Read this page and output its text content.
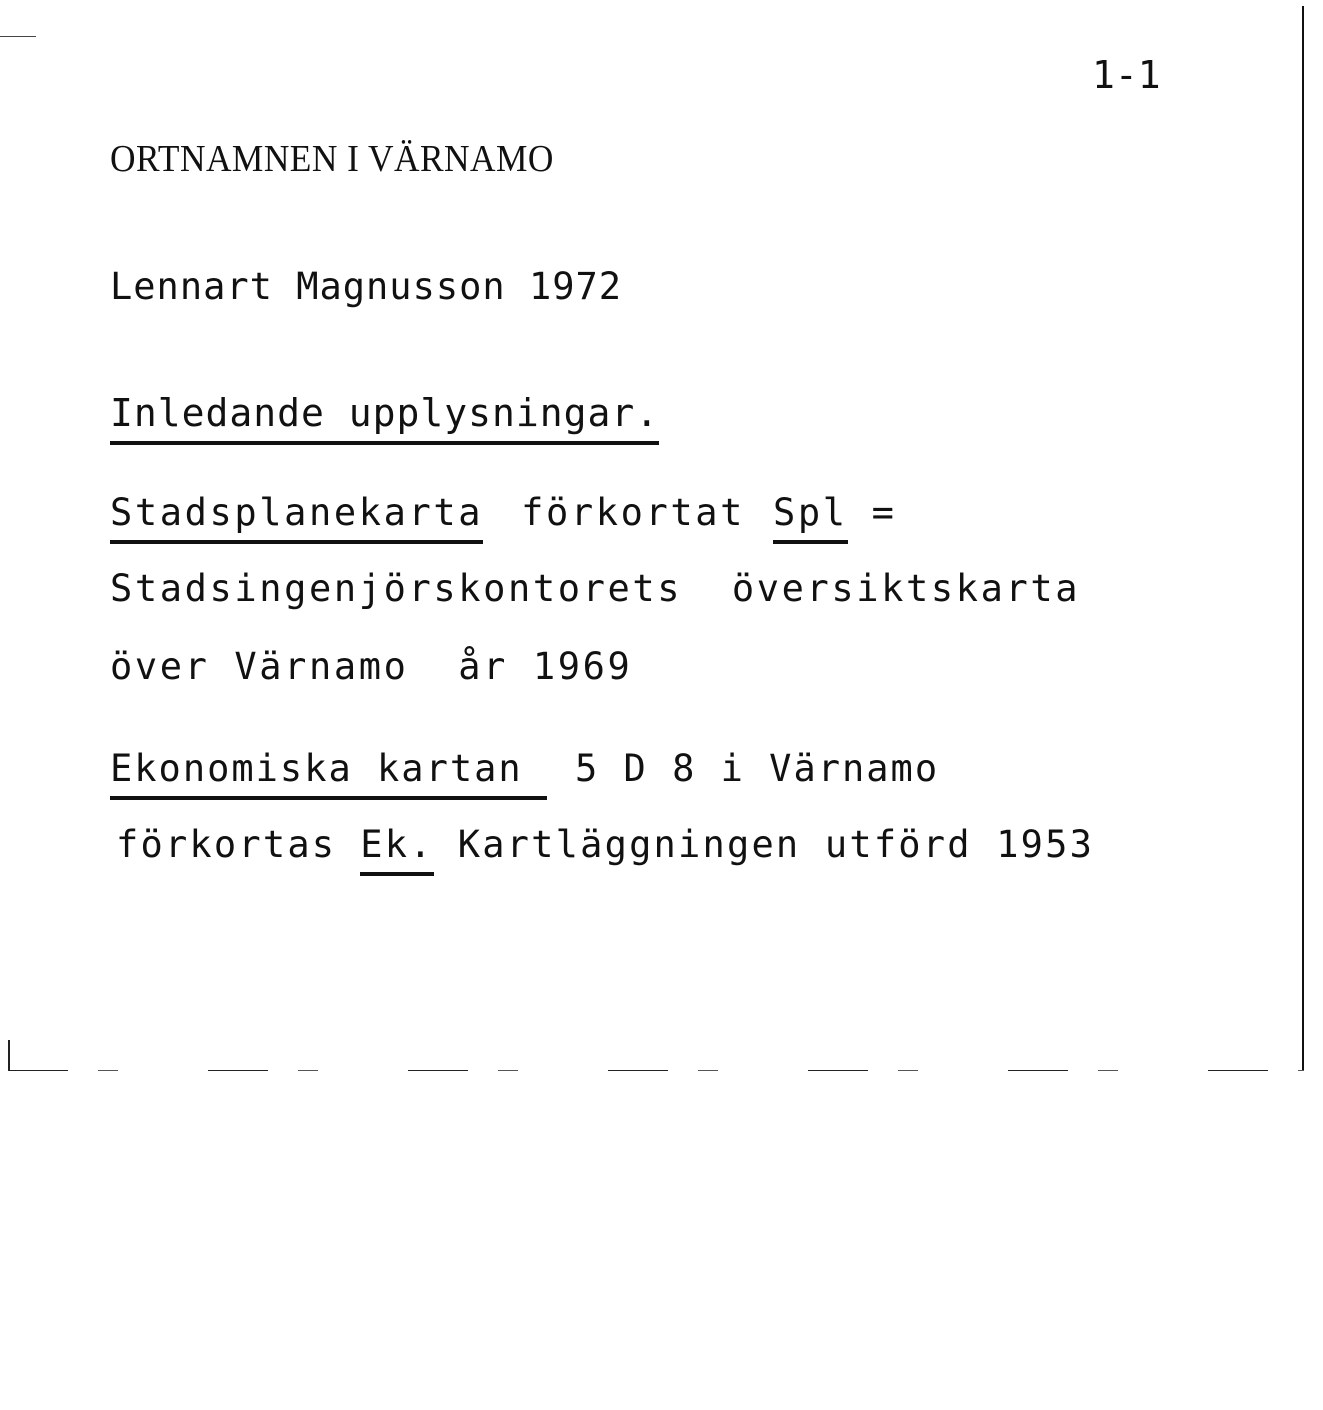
1-1
ORTNAMNEN I VÄRNAMO
Lennart Magnusson 1972
Inledande upplysningar.
Stadsplanekarta förkortat Spl =
Stadsingenjörskontorets  översiktskarta
över Värnamo  år 1969
Ekonomiska kartan 5 D 8 i Värnamo
förkortas Ek. Kartläggningen utförd 1953
